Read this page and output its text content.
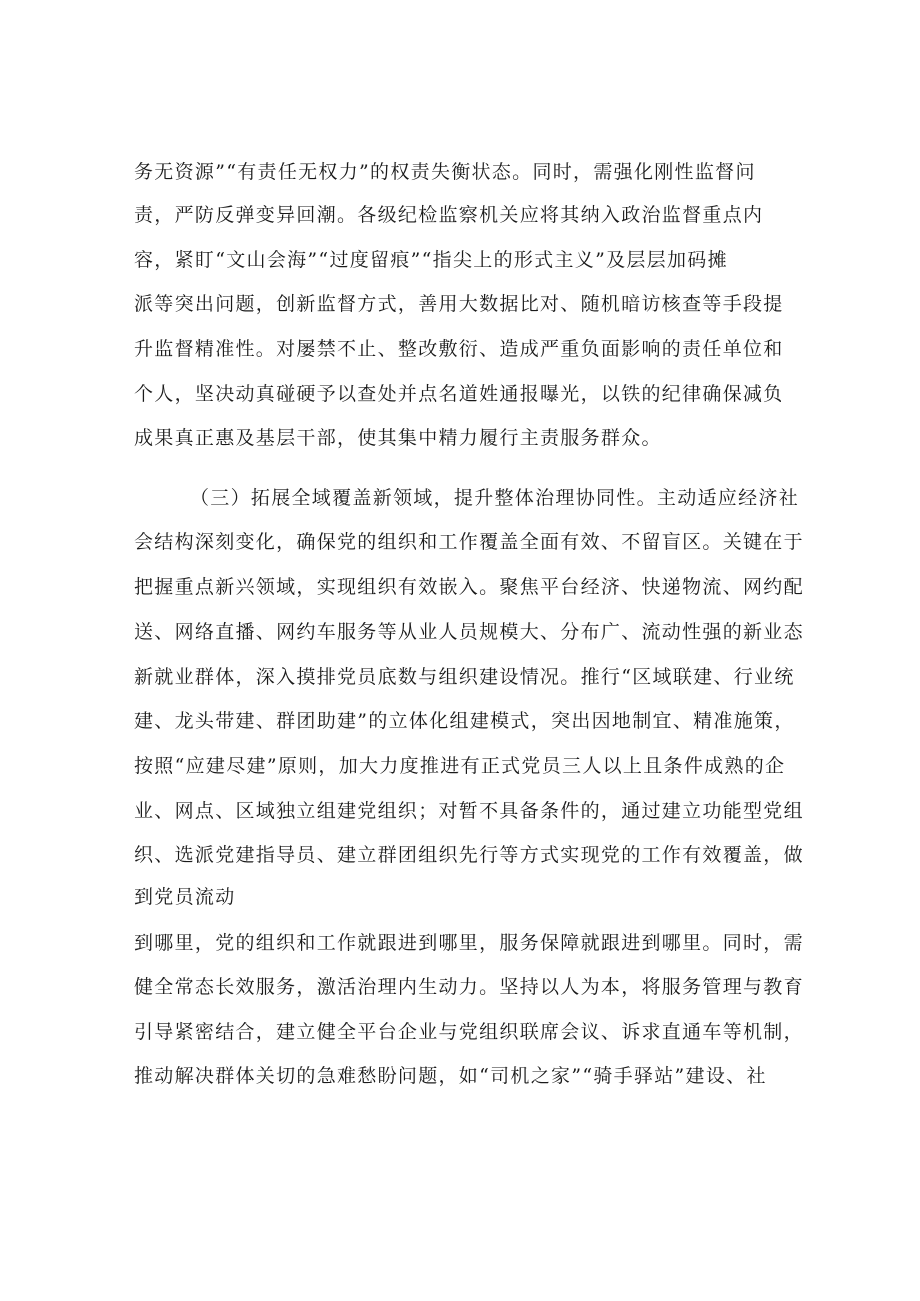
务无资源”“有责任无权力”的权责失衡状态。同时，需强化刚性监督问
责，严防反弹变异回潮。各级纪检监察机关应将其纳入政治监督重点内
容，紧盯“文山会海”“过度留痕”“指尖上的形式主义”及层层加码摊
派等突出问题，创新监督方式，善用大数据比对、随机暗访核查等手段提
升监督精准性。对屡禁不止、整改敷衍、造成严重负面影响的责任单位和
个人，坚决动真碰硬予以查处并点名道姓通报曝光，以铁的纪律确保减负
成果真正惠及基层干部，使其集中精力履行主责服务群众。
（三）拓展全域覆盖新领域，提升整体治理协同性。主动适应经济社
会结构深刻变化，确保党的组织和工作覆盖全面有效、不留盲区。关键在于
把握重点新兴领域，实现组织有效嵌入。聚焦平台经济、快递物流、网约配
送、网络直播、网约车服务等从业人员规模大、分布广、流动性强的新业态
新就业群体，深入摸排党员底数与组织建设情况。推行“区域联建、行业统
建、龙头带建、群团助建”的立体化组建模式，突出因地制宜、精准施策，
按照“应建尽建”原则，加大力度推进有正式党员三人以上且条件成熟的企
业、网点、区域独立组建党组织；对暂不具备条件的，通过建立功能型党组
织、选派党建指导员、建立群团组织先行等方式实现党的工作有效覆盖，做
到党员流动
到哪里，党的组织和工作就跟进到哪里，服务保障就跟进到哪里。同时，需
健全常态长效服务，激活治理内生动力。坚持以人为本，将服务管理与教育
引导紧密结合，建立健全平台企业与党组织联席会议、诉求直通车等机制，
推动解决群体关切的急难愁盼问题，如“司机之家”“骑手驿站”建设、社
